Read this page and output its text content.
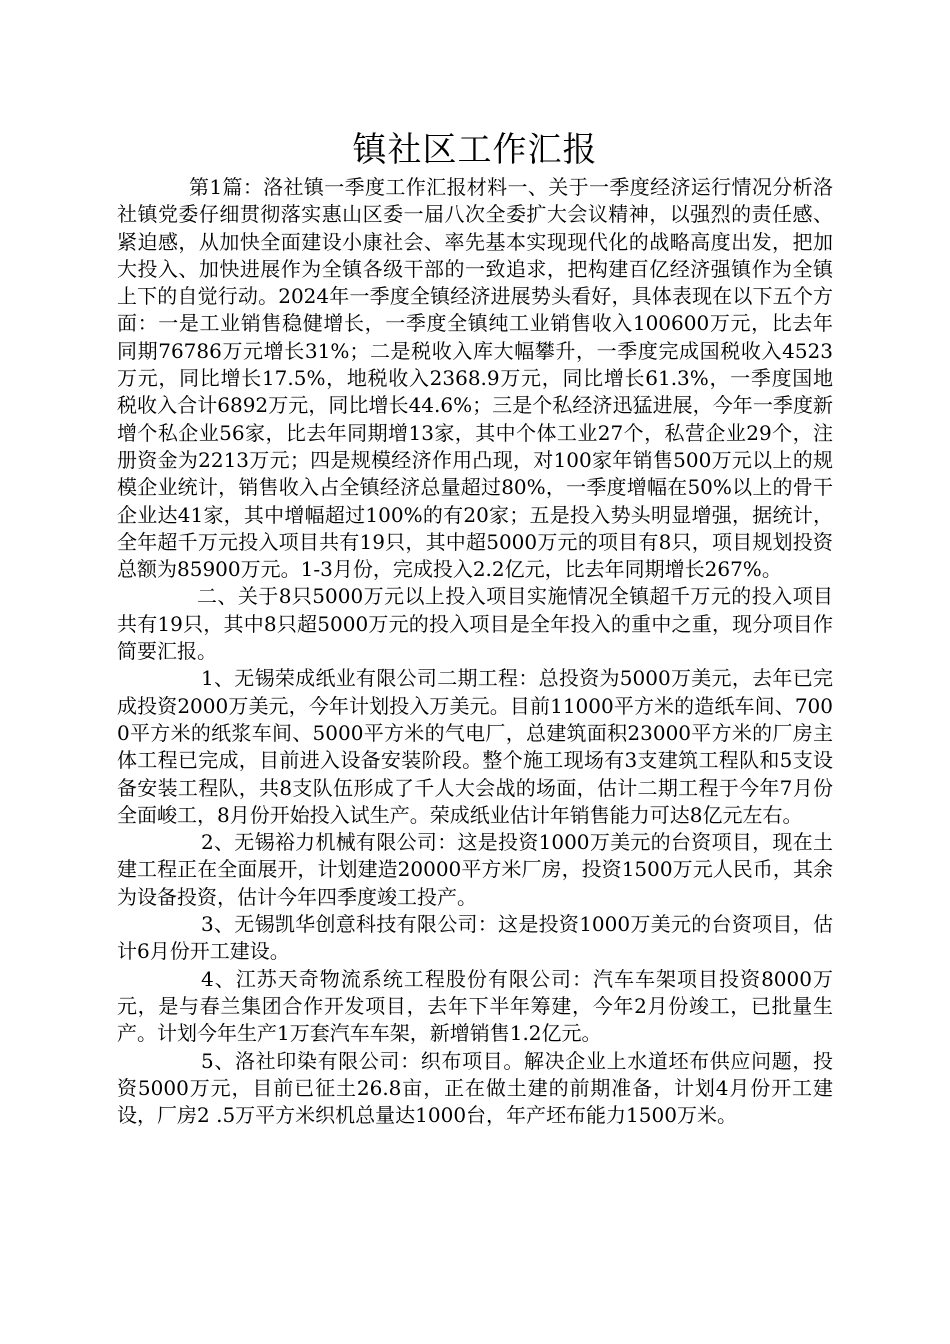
镇社区工作汇报

第1篇：洛社镇一季度工作汇报材料一、关于一季度经济运行情况分析洛社镇党委仔细贯彻落实惠山区委一届八次全委扩大会议精神，以强烈的责任感、紧迫感，从加快全面建设小康社会、率先基本实现现代化的战略高度出发，把加大投入、加快进展作为全镇各级干部的一致追求，把构建百亿经济强镇作为全镇上下的自觉行动。2024年一季度全镇经济进展势头看好，具体表现在以下五个方面：一是工业销售稳健增长，一季度全镇纯工业销售收入100600万元，比去年同期76786万元增长31%；二是税收入库大幅攀升，一季度完成国税收入4523万元，同比增长17.5%，地税收入2368.9万元，同比增长61.3%，一季度国地税收入合计6892万元，同比增长44.6%；三是个私经济迅猛进展，今年一季度新增个私企业56家，比去年同期增13家，其中个体工业27个，私营企业29个，注册资金为2213万元；四是规模经济作用凸现，对100家年销售500万元以上的规模企业统计，销售收入占全镇经济总量超过80%，一季度增幅在50%以上的骨干企业达41家，其中增幅超过100%的有20家；五是投入势头明显增强，据统计，全年超千万元投入项目共有19只，其中超5000万元的项目有8只，项目规划投资总额为85900万元。1-3月份，完成投入2.2亿元，比去年同期增长267%。

二、关于8只5000万元以上投入项目实施情况全镇超千万元的投入项目共有19只，其中8只超5000万元的投入项目是全年投入的重中之重，现分项目作简要汇报。

1、无锡荣成纸业有限公司二期工程：总投资为5000万美元，去年已完成投资2000万美元，今年计划投入万美元。目前11000平方米的造纸车间、7000平方米的纸浆车间、5000平方米的气电厂，总建筑面积23000平方米的厂房主体工程已完成，目前进入设备安装阶段。整个施工现场有3支建筑工程队和5支设备安装工程队，共8支队伍形成了千人大会战的场面，估计二期工程于今年7月份全面峻工，8月份开始投入试生产。荣成纸业估计年销售能力可达8亿元左右。

2、无锡裕力机械有限公司：这是投资1000万美元的台资项目，现在土建工程正在全面展开，计划建造20000平方米厂房，投资1500万元人民币，其余为设备投资，估计今年四季度竣工投产。

3、无锡凯华创意科技有限公司：这是投资1000万美元的台资项目，估计6月份开工建设。

4、江苏天奇物流系统工程股份有限公司：汽车车架项目投资8000万元，是与春兰集团合作开发项目，去年下半年筹建，今年2月份竣工，已批量生产。计划今年生产1万套汽车车架，新增销售1.2亿元。

5、洛社印染有限公司：织布项目。解决企业上水道坯布供应问题，投资5000万元，目前已征土26.8亩，正在做土建的前期准备，计划4月份开工建设，厂房2 .5万平方米织机总量达1000台，年产坯布能力1500万米。
